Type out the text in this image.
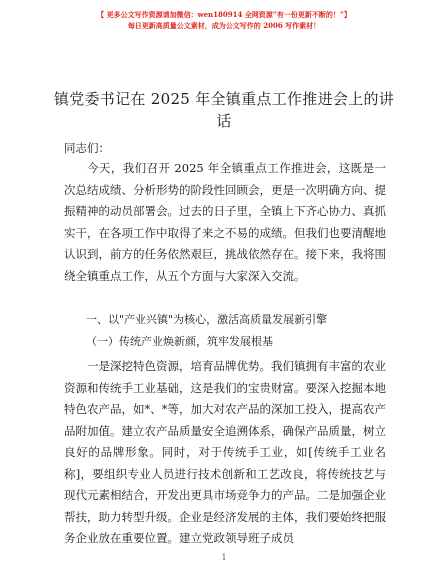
【 更多公文写作资源请加微信：wen180914 全网资源“有一份更新不断的！”】
每日更新高质量公文素材，成为公文写作的 2006 写作素材！
镇党委书记在 2025 年全镇重点工作推进会上的讲话
同志们：
今天，我们召开 2025 年全镇重点工作推进会，这既是一次总结成绩、分析形势的阶段性回顾会，更是一次明确方向、提振精神的动员部署会。过去的日子里，全镇上下齐心协力、真抓实干，在各项工作中取得了来之不易的成绩。但我们也要清醒地认识到，前方的任务依然艰巨，挑战依然存在。接下来，我将围绕全镇重点工作，从五个方面与大家深入交流。
一、以"产业兴镇"为核心，激活高质量发展新引擎
（一）传统产业焕新颜，筑牢发展根基
一是深挖特色资源，培育品牌优势。我们镇拥有丰富的农业资源和传统手工业基础，这是我们的宝贵财富。要深入挖掘本地特色农产品，如*、*等，加大对农产品的深加工投入，提高农产品附加值。建立农产品质量安全追溯体系，确保产品质量，树立良好的品牌形象。同时，对于传统手工业，如[传统手工业名称]，要组织专业人员进行技术创新和工艺改良，将传统技艺与现代元素相结合，开发出更具市场竞争力的产品。二是加强企业帮扶，助力转型升级。企业是经济发展的主体，我们要始终把服务企业放在重要位置。建立党政领导班子成员
1
